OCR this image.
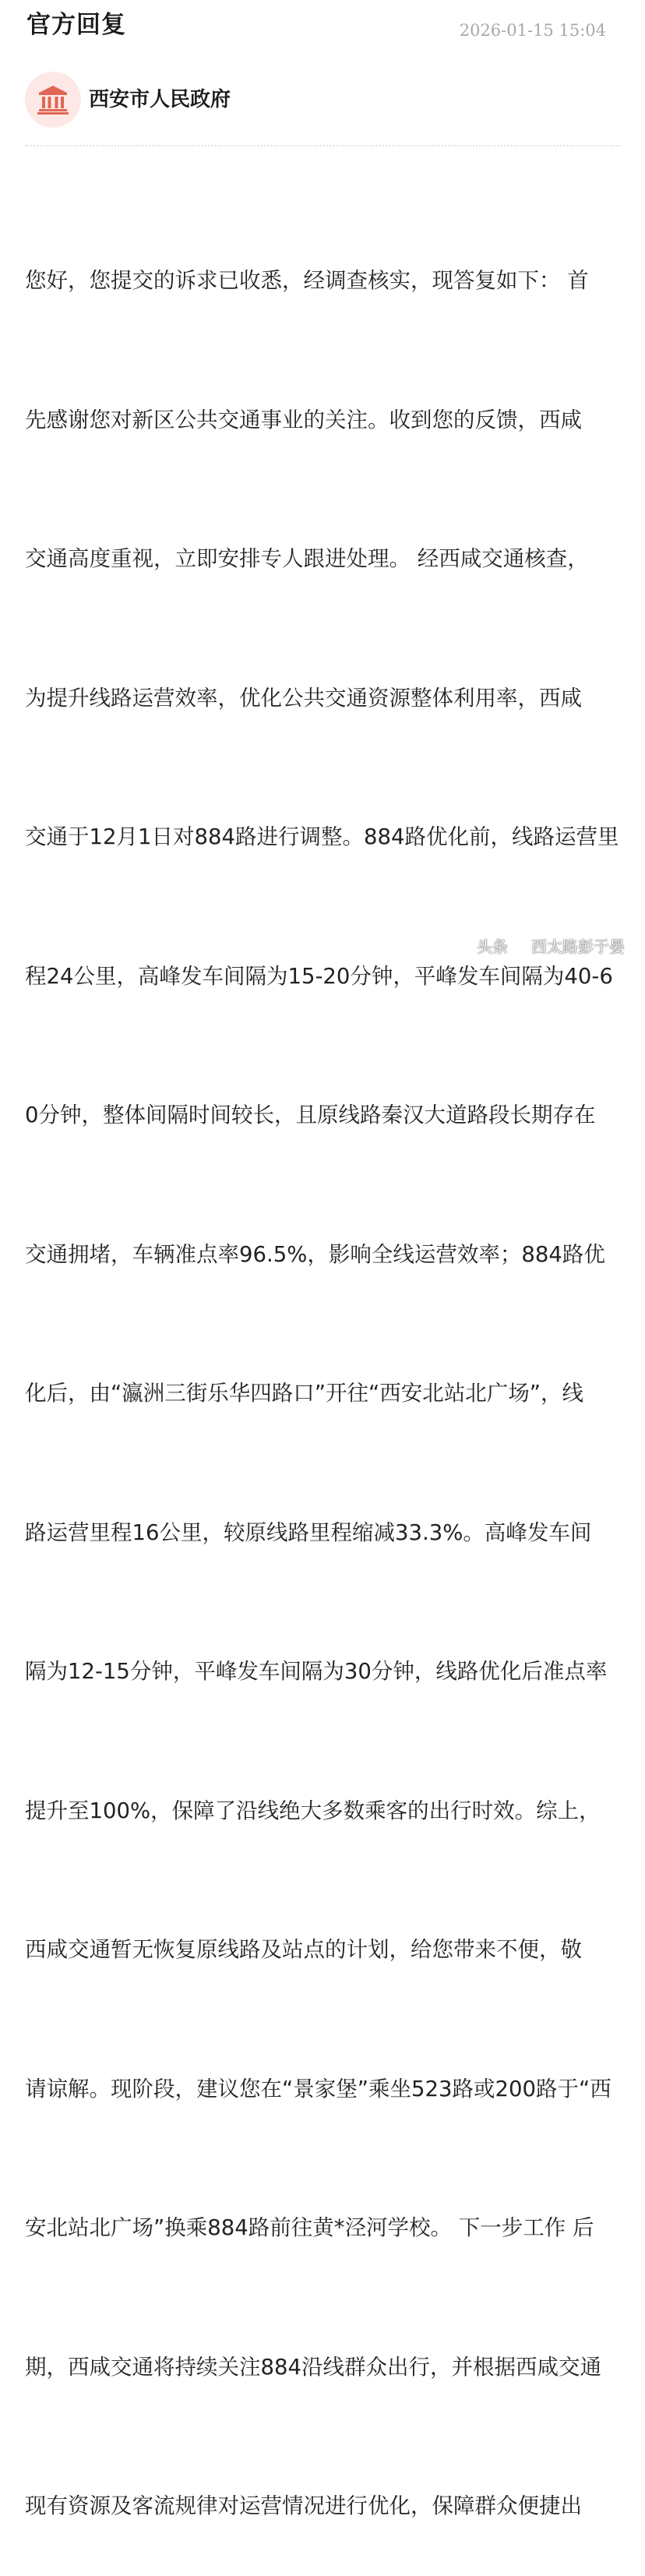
官方回复	2026-01-15 15:04
西安市人民政府

您好，您提交的诉求已收悉，经调查核实，现答复如下： 首

先感谢您对新区公共交通事业的关注。收到您的反馈，西咸

交通高度重视，立即安排专人跟进处理。 经西咸交通核查，

为提升线路运营效率，优化公共交通资源整体利用率，西咸

交通于12月1日对884路进行调整。884路优化前，线路运营里

程24公里，高峰发车间隔为15-20分钟，平峰发车间隔为40-6

0分钟，整体间隔时间较长，且原线路秦汉大道路段长期存在

交通拥堵，车辆准点率96.5%，影响全线运营效率；884路优

化后，由“瀛洲三街乐华四路口”开往“西安北站北广场”，线

路运营里程16公里，较原线路里程缩减33.3%。高峰发车间

隔为12-15分钟，平峰发车间隔为30分钟，线路优化后准点率

提升至100%，保障了沿线绝大多数乘客的出行时效。综上，

西咸交通暂无恢复原线路及站点的计划，给您带来不便，敬

请谅解。现阶段，建议您在“景家堡”乘坐523路或200路于“西

安北站北广场”换乘884路前往黄*泾河学校。 下一步工作 后

期，西咸交通将持续关注884沿线群众出行，并根据西咸交通

现有资源及客流规律对运营情况进行优化，保障群众便捷出

头条 西太路彭于晏
